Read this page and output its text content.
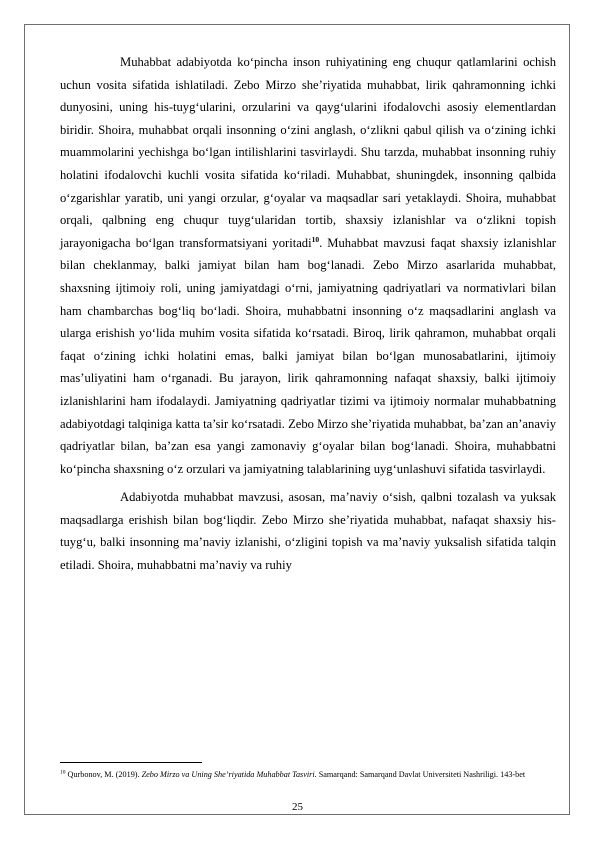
Muhabbat adabiyotda ko‘pincha inson ruhiyatining eng chuqur qatlamlarini ochish uchun vosita sifatida ishlatiladi. Zebo Mirzo she’riyatida muhabbat, lirik qahramonning ichki dunyosini, uning his-tuyg‘ularini, orzularini va qayg‘ularini ifodalovchi asosiy elementlardan biridir. Shoira, muhabbat orqali insonning o‘zini anglash, o‘zlikni qabul qilish va o‘zining ichki muammolarini yechishga bo‘lgan intilishlarini tasvirlaydi. Shu tarzda, muhabbat insonning ruhiy holatini ifodalovchi kuchli vosita sifatida ko‘riladi. Muhabbat, shuningdek, insonning qalbida o‘zgarishlar yaratib, uni yangi orzular, g‘oyalar va maqsadlar sari yetaklaydi. Shoira, muhabbat orqali, qalbning eng chuqur tuyg‘ularidan tortib, shaxsiy izlanishlar va o‘zlikni topish jarayonigacha bo‘lgan transformatsiyani yoritadi$^{10}$. Muhabbat mavzusi faqat shaxsiy izlanishlar bilan cheklanmay, balki jamiyat bilan ham bog‘lanadi. Zebo Mirzo asarlarida muhabbat, shaxsning ijtimoiy roli, uning jamiyatdagi o‘rni, jamiyatning qadriyatlari va normativlari bilan ham chambarchas bog‘liq bo‘ladi. Shoira, muhabbatni insonning o‘z maqsadlarini anglash va ularga erishish yo‘lida muhim vosita sifatida ko‘rsatadi. Biroq, lirik qahramon, muhabbat orqali faqat o‘zining ichki holatini emas, balki jamiyat bilan bo‘lgan munosabatlarini, ijtimoiy mas’uliyatini ham o‘rganadi. Bu jarayon, lirik qahramonning nafaqat shaxsiy, balki ijtimoiy izlanishlarini ham ifodalaydi. Jamiyatning qadriyatlar tizimi va ijtimoiy normalar muhabbatning adabiyotdagi talqiniga katta ta’sir ko‘rsatadi. Zebo Mirzo she’riyatida muhabbat, ba’zan an’anaviy qadriyatlar bilan, ba’zan esa yangi zamonaviy g‘oyalar bilan bog‘lanadi. Shoira, muhabbatni ko‘pincha shaxsning o‘z orzulari va jamiyatning talablarining uyg‘unlashuvi sifatida tasvirlaydi.

Adabiyotda muhabbat mavzusi, asosan, ma’naviy o‘sish, qalbni tozalash va yuksak maqsadlarga erishish bilan bog‘liqdir. Zebo Mirzo she’riyatida muhabbat, nafaqat shaxsiy his-tuyg‘u, balki insonning ma’naviy izlanishi, o‘zligini topish va ma’naviy yuksalish sifatida talqin etiladi. Shoira, muhabbatni ma’naviy va ruhiy

$^{10}$ Qurbonov, M. (2019). Zebo Mirzo va Uning She’riyatida Muhabbat Tasviri. Samarqand: Samarqand Davlat Universiteti Nashriligi. 143-bet

25
